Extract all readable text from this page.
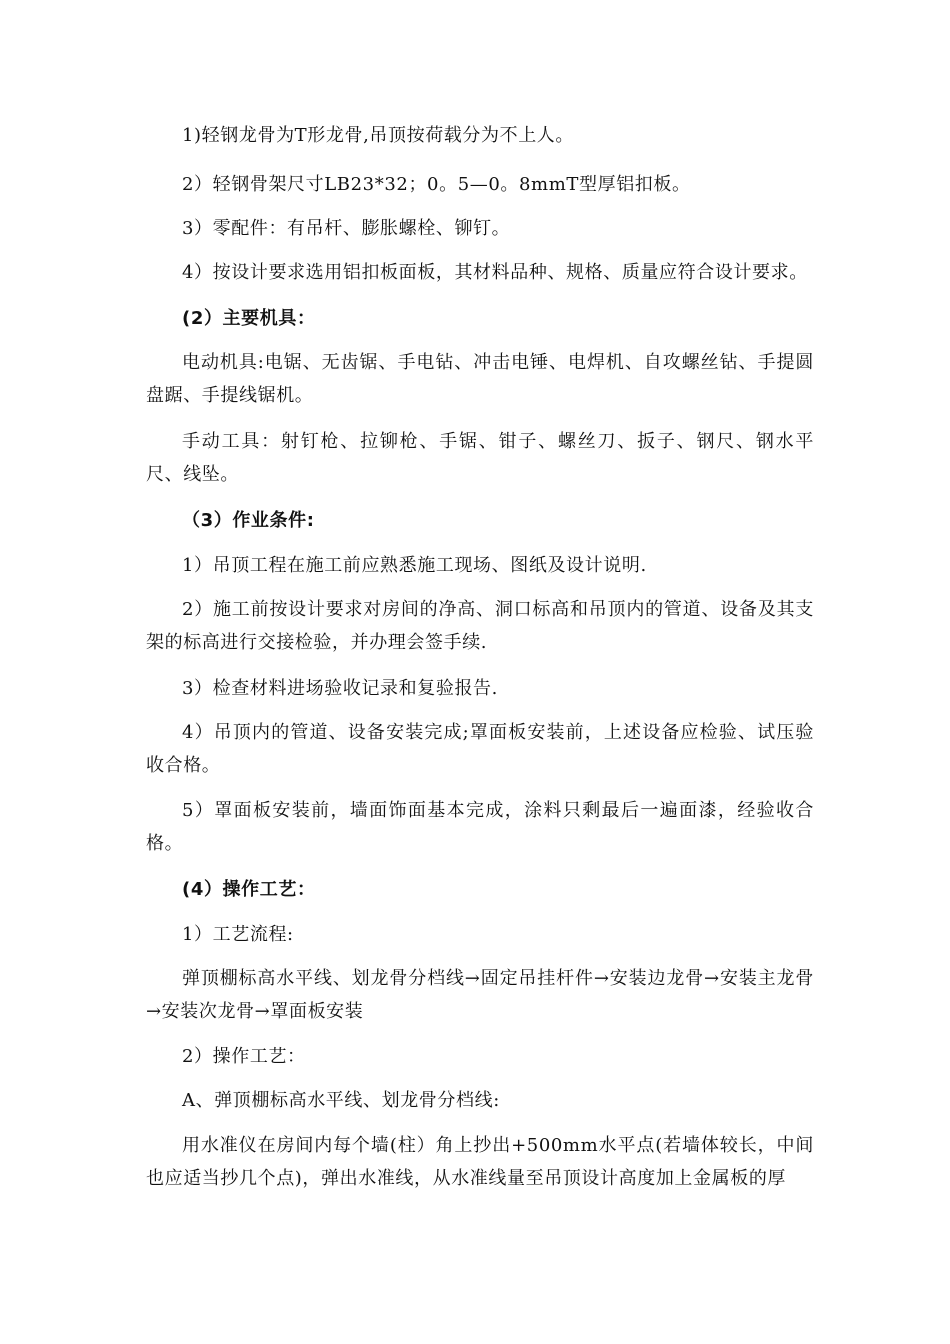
1)轻钢龙骨为T形龙骨,吊顶按荷载分为不上人。
2）轻钢骨架尺寸LB23*32；0。5—0。8mmT型厚铝扣板。
3）零配件：有吊杆、膨胀螺栓、铆钉。
4）按设计要求选用铝扣板面板，其材料品种、规格、质量应符合设计要求。
(2）主要机具：
电动机具:电锯、无齿锯、手电钻、冲击电锤、电焊机、自攻螺丝钻、手提圆盘踞、手提线锯机。
手动工具：射钉枪、拉铆枪、手锯、钳子、螺丝刀、扳子、钢尺、钢水平尺、线坠。
（3）作业条件:
1）吊顶工程在施工前应熟悉施工现场、图纸及设计说明.
2）施工前按设计要求对房间的净高、洞口标高和吊顶内的管道、设备及其支架的标高进行交接检验，并办理会签手续.
3）检查材料进场验收记录和复验报告.
4）吊顶内的管道、设备安装完成;罩面板安装前，上述设备应检验、试压验收合格。
5）罩面板安装前，墙面饰面基本完成，涂料只剩最后一遍面漆，经验收合格。
(4）操作工艺：
1）工艺流程:
弹顶棚标高水平线、划龙骨分档线→固定吊挂杆件→安装边龙骨→安装主龙骨→安装次龙骨→罩面板安装
2）操作工艺：
A、弹顶棚标高水平线、划龙骨分档线:
用水准仪在房间内每个墙(柱）角上抄出+500mm水平点(若墙体较长，中间也应适当抄几个点)，弹出水准线，从水准线量至吊顶设计高度加上金属板的厚
